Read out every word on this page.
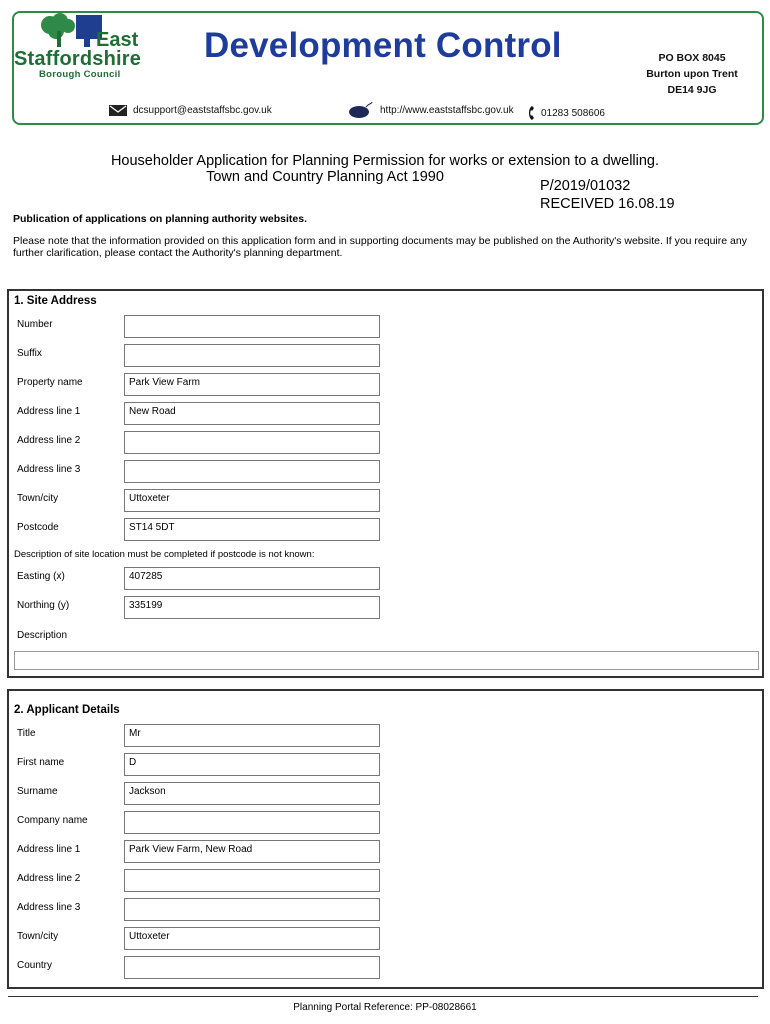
East
Staffordshire
Borough Council
Development Control	PO BOX 8045
Burton upon Trent
DE14 9JG
dcsupport@eaststaffsbc.gov.uk	http://www.eaststaffsbc.gov.uk	01283 508606
Householder Application for Planning Permission for works or extension to a dwelling.
Town and Country Planning Act 1990
P/2019/01032
RECEIVED 16.08.19
Publication of applications on planning authority websites.
Please note that the information provided on this application form and in supporting documents may be published on the Authority's website. If you require any further clarification, please contact the Authority's planning department.
1. Site Address
Number
Suffix
Property name	Park View Farm
Address line 1	New Road
Address line 2
Address line 3
Town/city	Uttoxeter
Postcode	ST14 5DT
Description of site location must be completed if postcode is not known:
Easting (x)	407285
Northing (y)	335199
Description
2. Applicant Details
Title	Mr
First name	D
Surname	Jackson
Company name
Address line 1	Park View Farm, New Road
Address line 2
Address line 3
Town/city	Uttoxeter
Country
Planning Portal Reference: PP-08028661
